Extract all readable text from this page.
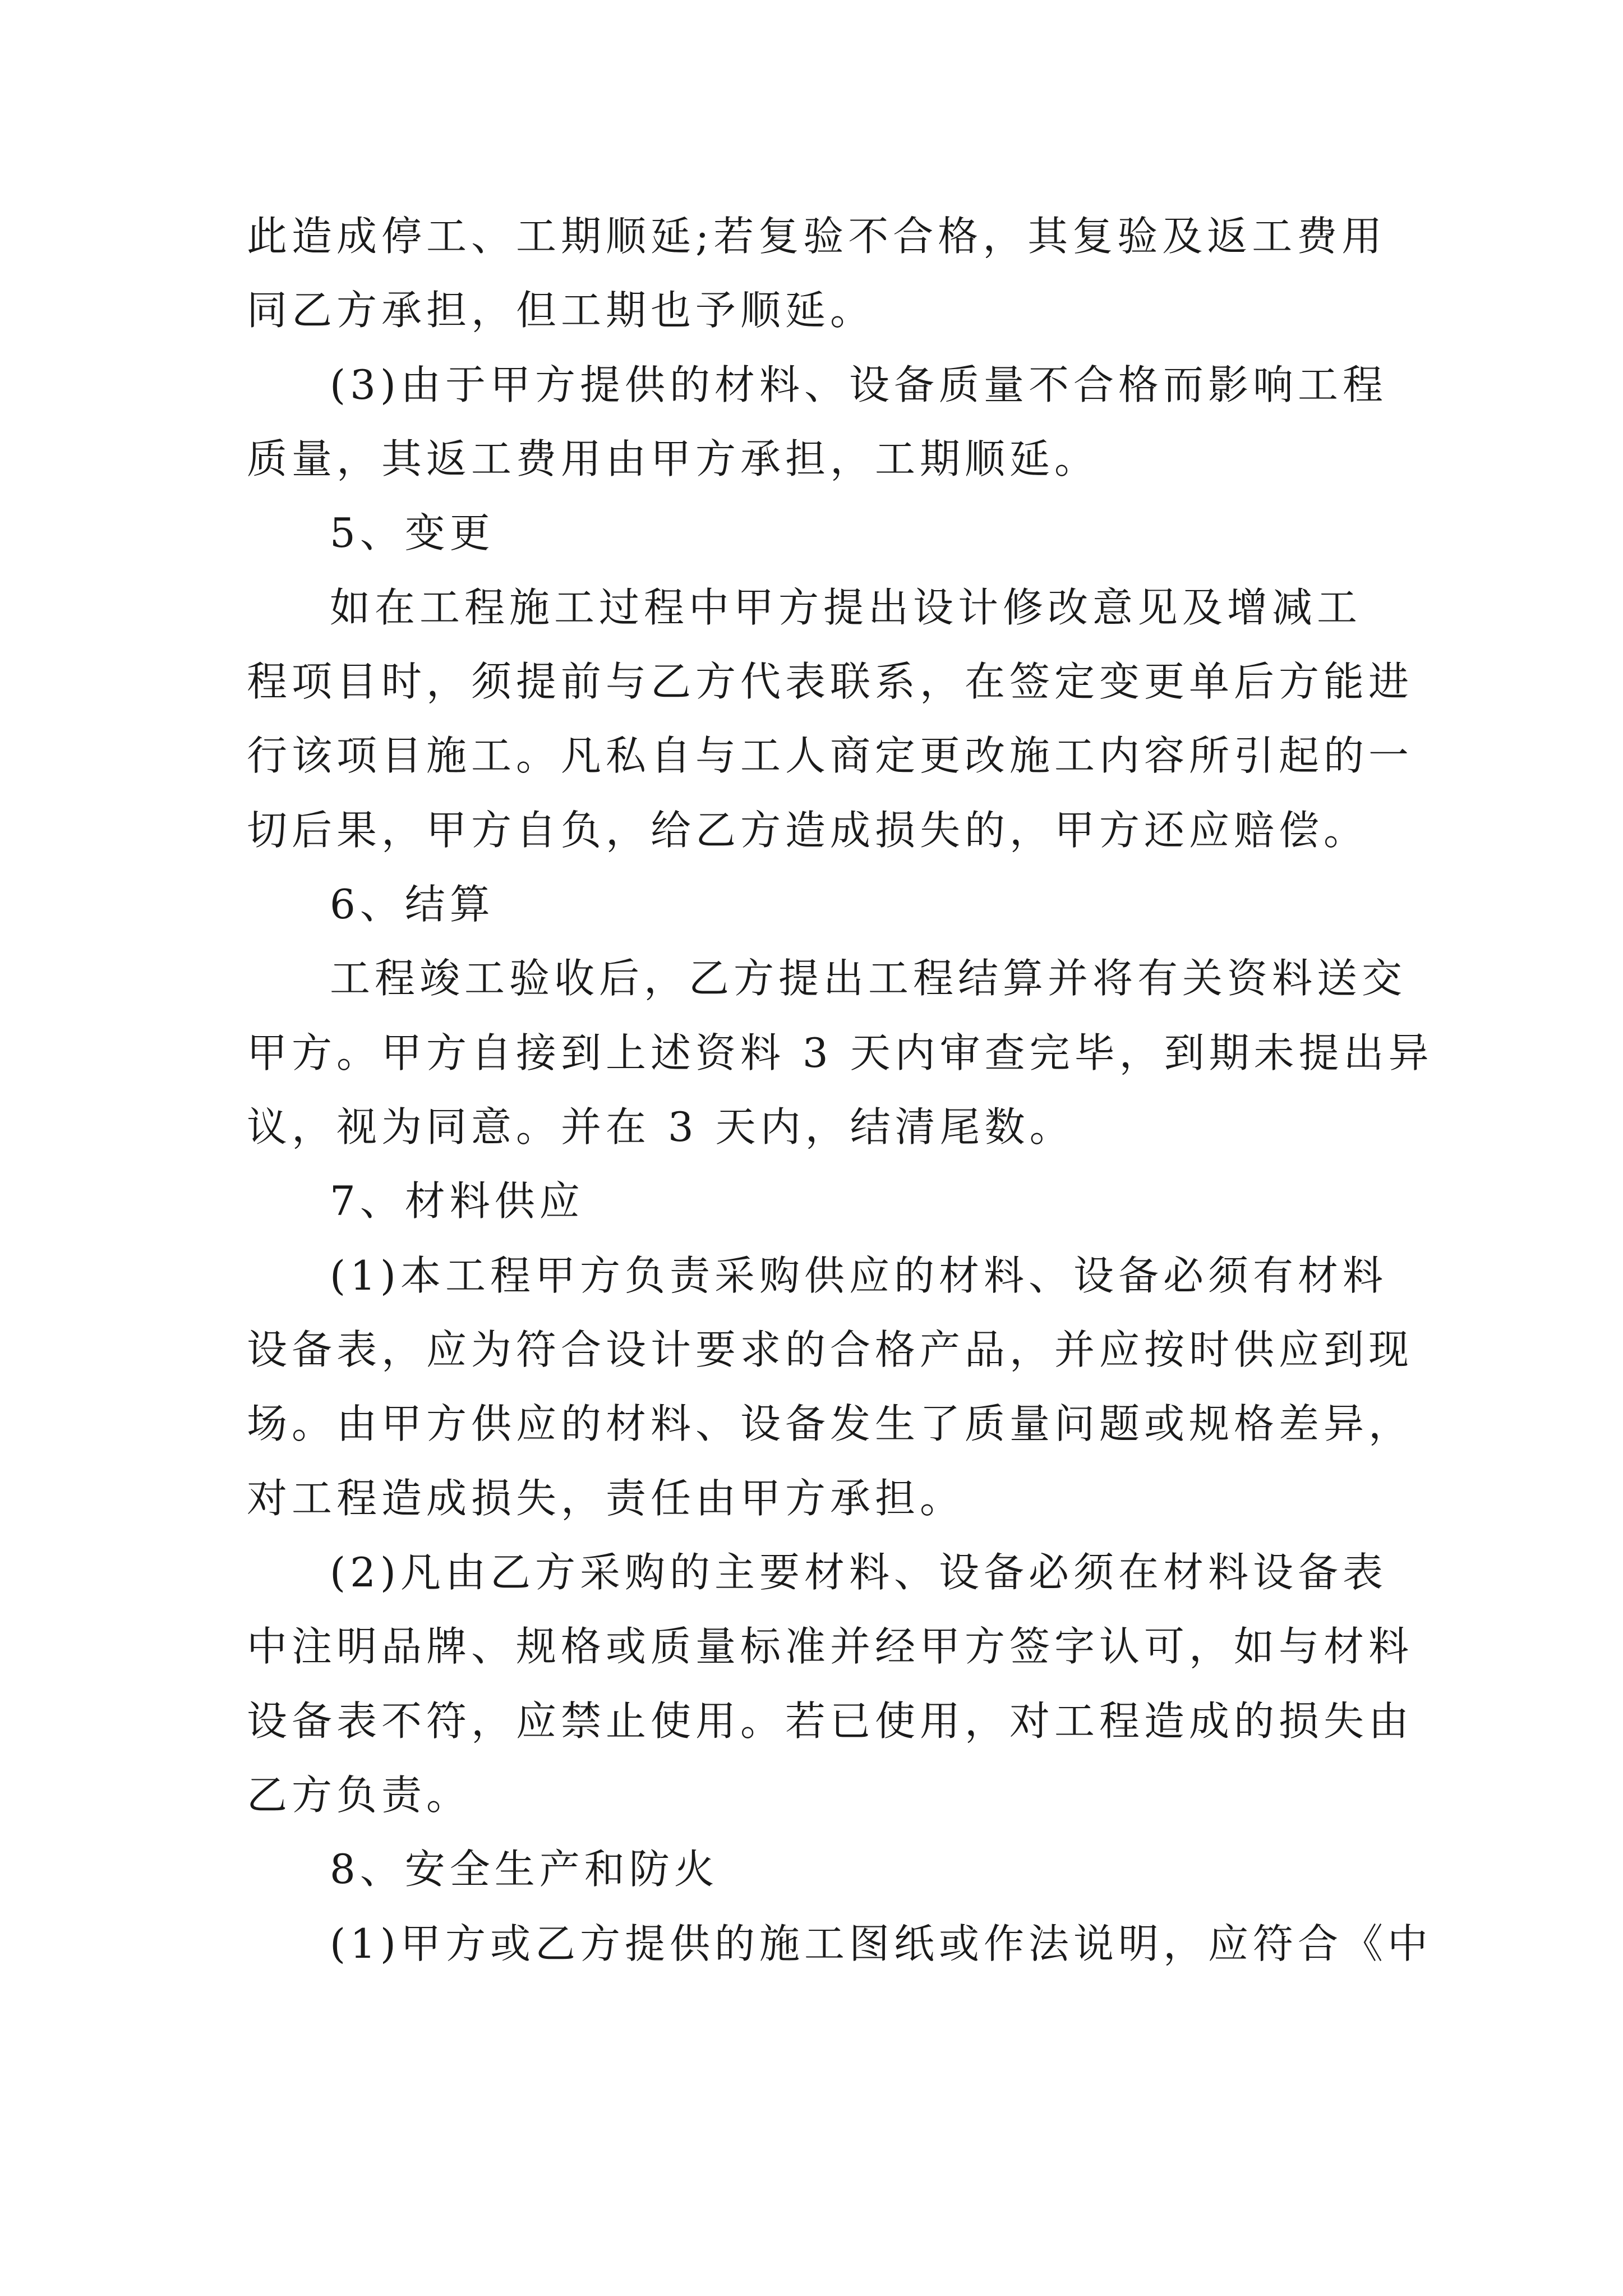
此造成停工、工期顺延;若复验不合格，其复验及返工费用
同乙方承担，但工期也予顺延。
(3)由于甲方提供的材料、设备质量不合格而影响工程
质量，其返工费用由甲方承担，工期顺延。
5、变更
如在工程施工过程中甲方提出设计修改意见及增减工
程项目时，须提前与乙方代表联系，在签定变更单后方能进
行该项目施工。凡私自与工人商定更改施工内容所引起的一
切后果，甲方自负，给乙方造成损失的，甲方还应赔偿。
6、结算
工程竣工验收后，乙方提出工程结算并将有关资料送交
甲方。甲方自接到上述资料 3 天内审查完毕，到期未提出异
议，视为同意。并在 3 天内，结清尾数。
7、材料供应
(1)本工程甲方负责采购供应的材料、设备必须有材料
设备表，应为符合设计要求的合格产品，并应按时供应到现
场。由甲方供应的材料、设备发生了质量问题或规格差异，
对工程造成损失，责任由甲方承担。
(2)凡由乙方采购的主要材料、设备必须在材料设备表
中注明品牌、规格或质量标准并经甲方签字认可，如与材料
设备表不符，应禁止使用。若已使用，对工程造成的损失由
乙方负责。
8、安全生产和防火
(1)甲方或乙方提供的施工图纸或作法说明，应符合《中
